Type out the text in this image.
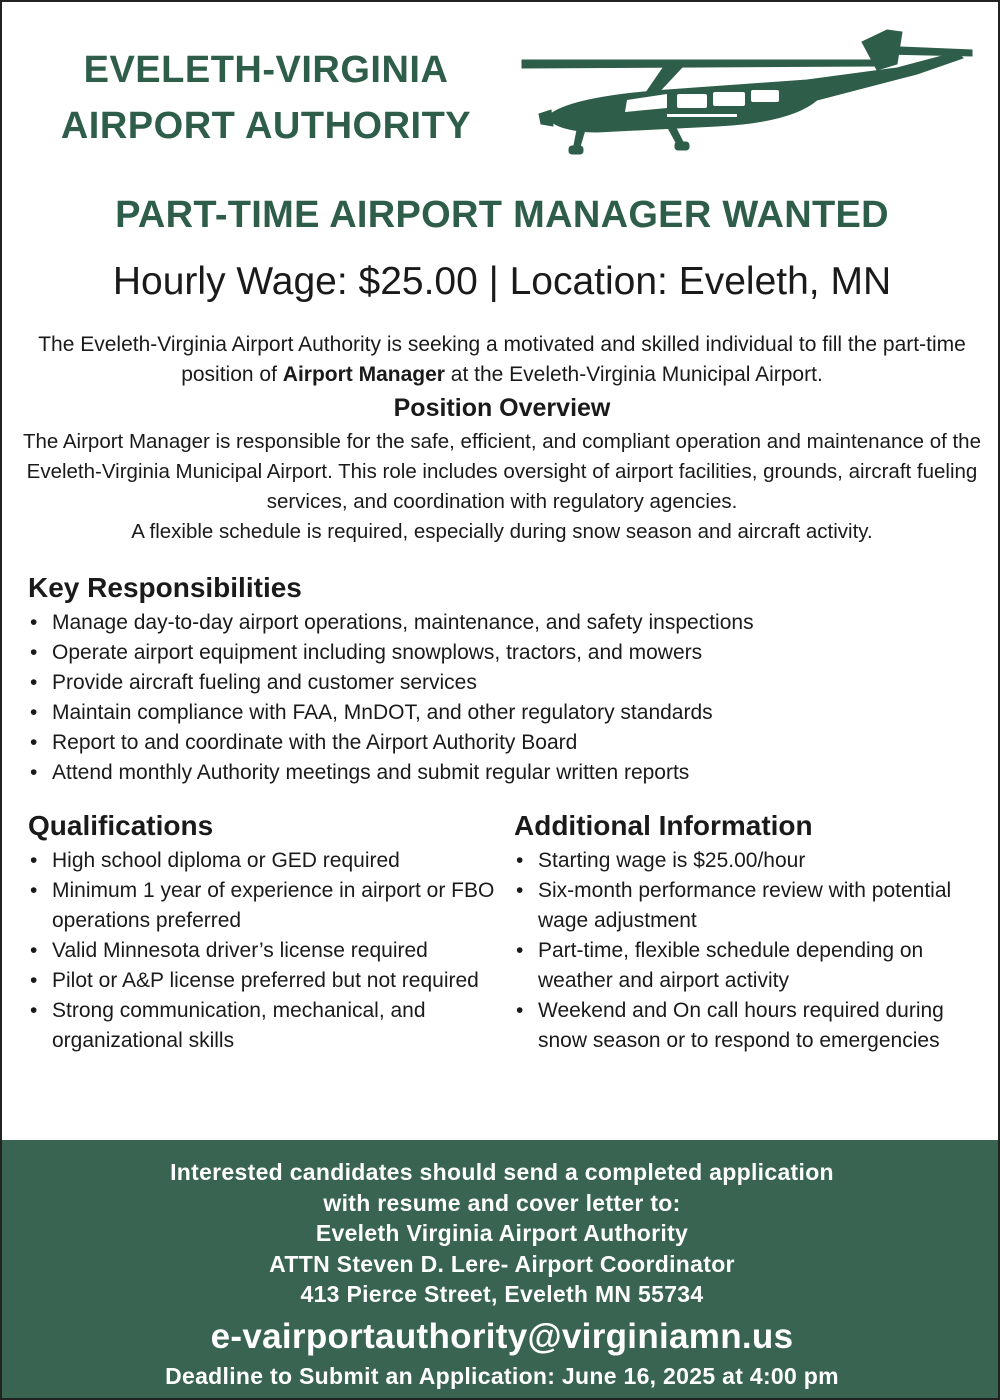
EVELETH-VIRGINIA
AIRPORT AUTHORITY
PART-TIME AIRPORT MANAGER WANTED
Hourly Wage: $25.00 | Location: Eveleth, MN
The Eveleth-Virginia Airport Authority is seeking a motivated and skilled individual to fill the part-time position of Airport Manager at the Eveleth-Virginia Municipal Airport.
Position Overview
The Airport Manager is responsible for the safe, efficient, and compliant operation and maintenance of the Eveleth-Virginia Municipal Airport. This role includes oversight of airport facilities, grounds, aircraft fueling services, and coordination with regulatory agencies.
A flexible schedule is required, especially during snow season and aircraft activity.
Key Responsibilities
• Manage day-to-day airport operations, maintenance, and safety inspections
• Operate airport equipment including snowplows, tractors, and mowers
• Provide aircraft fueling and customer services
• Maintain compliance with FAA, MnDOT, and other regulatory standards
• Report to and coordinate with the Airport Authority Board
• Attend monthly Authority meetings and submit regular written reports
Qualifications
• High school diploma or GED required
• Minimum 1 year of experience in airport or FBO operations preferred
• Valid Minnesota driver’s license required
• Pilot or A&P license preferred but not required
• Strong communication, mechanical, and organizational skills
Additional Information
• Starting wage is $25.00/hour
• Six-month performance review with potential wage adjustment
• Part-time, flexible schedule depending on weather and airport activity
• Weekend and On call hours required during snow season or to respond to emergencies
Interested candidates should send a completed application
with resume and cover letter to:
Eveleth Virginia Airport Authority
ATTN Steven D. Lere- Airport Coordinator
413 Pierce Street, Eveleth MN 55734
e-vairportauthority@virginiamn.us
Deadline to Submit an Application: June 16, 2025 at 4:00 pm
